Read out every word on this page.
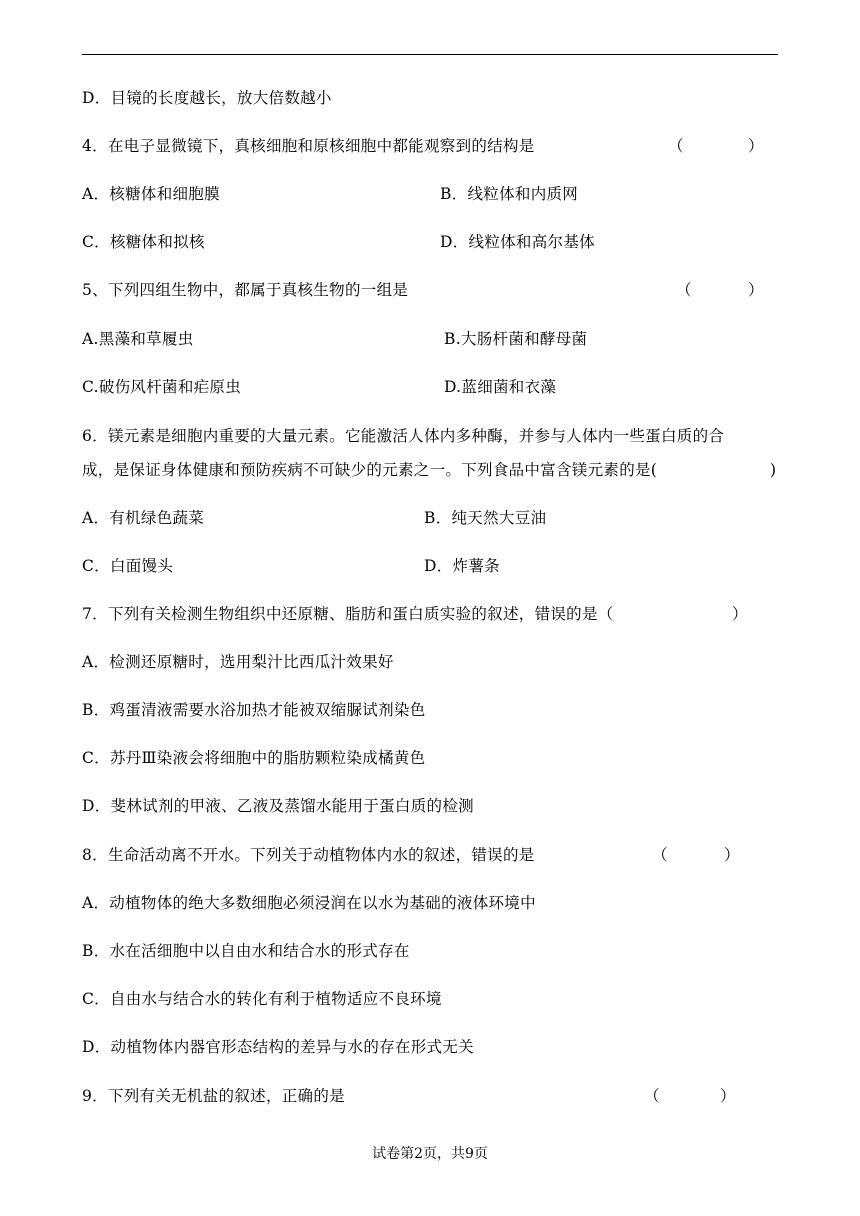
D．目镜的长度越长，放大倍数越小
4．在电子显微镜下，真核细胞和原核细胞中都能观察到的结构是	（	）
A．核糖体和细胞膜	B．线粒体和内质网
C．核糖体和拟核	D．线粒体和高尔基体
5、下列四组生物中，都属于真核生物的一组是	（	）
A.黑藻和草履虫	B.大肠杆菌和酵母菌
C.破伤风杆菌和疟原虫	D.蓝细菌和衣藻
6．镁元素是细胞内重要的大量元素。它能激活人体内多种酶，并参与人体内一些蛋白质的合
成，是保证身体健康和预防疾病不可缺少的元素之一。下列食品中富含镁元素的是(	)
A．有机绿色蔬菜	B．纯天然大豆油
C．白面馒头	D．炸薯条
7．下列有关检测生物组织中还原糖、脂肪和蛋白质实验的叙述，错误的是（	）
A．检测还原糖时，选用梨汁比西瓜汁效果好
B．鸡蛋清液需要水浴加热才能被双缩脲试剂染色
C．苏丹Ⅲ染液会将细胞中的脂肪颗粒染成橘黄色
D．斐林试剂的甲液、乙液及蒸馏水能用于蛋白质的检测
8．生命活动离不开水。下列关于动植物体内水的叙述，错误的是	（	）
A．动植物体的绝大多数细胞必须浸润在以水为基础的液体环境中
B．水在活细胞中以自由水和结合水的形式存在
C．自由水与结合水的转化有利于植物适应不良环境
D．动植物体内器官形态结构的差异与水的存在形式无关
9．下列有关无机盐的叙述，正确的是	（	）
试卷第2页，共9页
